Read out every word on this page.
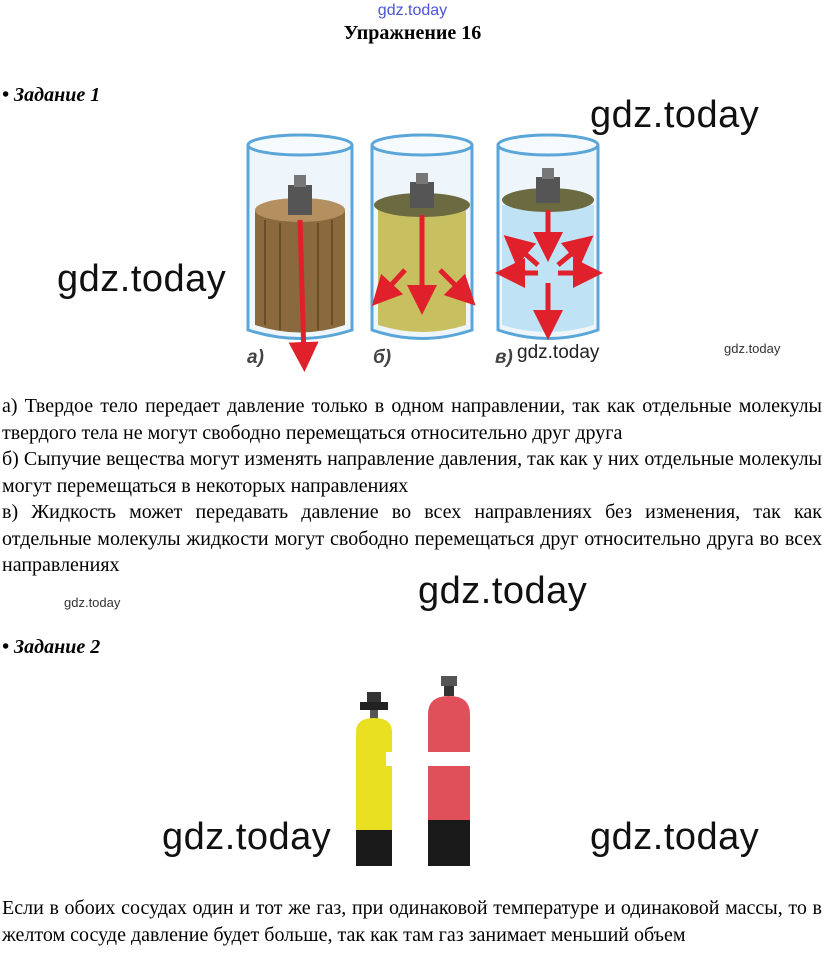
gdz.today
Упражнение 16
• Задание 1
а)	б)	в)
gdz.today
gdz.today
gdz.today	gdz.today

а) Твердое тело передает давление только в одном направлении, так как отдельные молекулы твердого тела не могут свободно перемещаться относительно друг друга

б) Сыпучие вещества могут изменять направление давления, так как у них отдельные молекулы могут перемещаться в некоторых направлениях

в) Жидкость может передавать давление во всех направлениях без изменения, так как отдельные молекулы жидкости могут свободно перемещаться друг относительно друга во всех направлениях

gdz.today
gdz.today
• Задание 2
gdz.today	gdz.today

Если в обоих сосудах один и тот же газ, при одинаковой температуре и одинаковой массы, то в желтом сосуде давление будет больше, так как там газ занимает меньший объем
